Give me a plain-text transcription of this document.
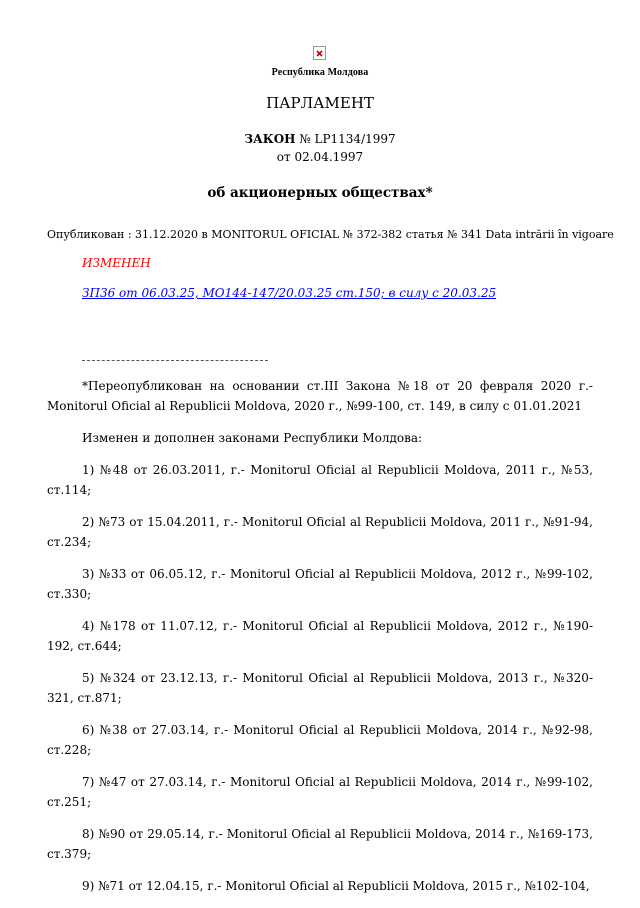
Республика Молдова
ПАРЛАМЕНТ
ЗАКОН № LP1134/1997
от 02.04.1997
об акционерных обществах*
Опубликован : 31.12.2020 в MONITORUL OFICIAL № 372-382 статья № 341 Data intrării în vigoare
ИЗМЕНЕН
ЗП36 от 06.03.25, МО144-147/20.03.25 ст.150; в силу с 20.03.25

*Переопубликован на основании ст.III Закона №18 от 20 февраля 2020 г.- Monitorul Oficial al Republicii Moldova, 2020 г., №99-100, ст. 149, в силу с 01.01.2021

Изменен и дополнен законами Республики Молдова:

1) №48 от 26.03.2011, г.- Monitorul Oficial al Republicii Moldova, 2011 г., №53, ст.114;

2) №73 от 15.04.2011, г.- Monitorul Oficial al Republicii Moldova, 2011 г., №91-94, ст.234;

3) №33 от 06.05.12, г.- Monitorul Oficial al Republicii Moldova, 2012 г., №99-102, ст.330;

4) №178 от 11.07.12, г.- Monitorul Oficial al Republicii Moldova, 2012 г., №190-192, ст.644;

5) №324 от 23.12.13, г.- Monitorul Oficial al Republicii Moldova, 2013 г., №320-321, ст.871;

6) №38 от 27.03.14, г.- Monitorul Oficial al Republicii Moldova, 2014 г., №92-98, ст.228;

7) №47 от 27.03.14, г.- Monitorul Oficial al Republicii Moldova, 2014 г., №99-102, ст.251;

8) №90 от 29.05.14, г.- Monitorul Oficial al Republicii Moldova, 2014 г., №169-173, ст.379;

9) №71 от 12.04.15, г.- Monitorul Oficial al Republicii Moldova, 2015 г., №102-104,
